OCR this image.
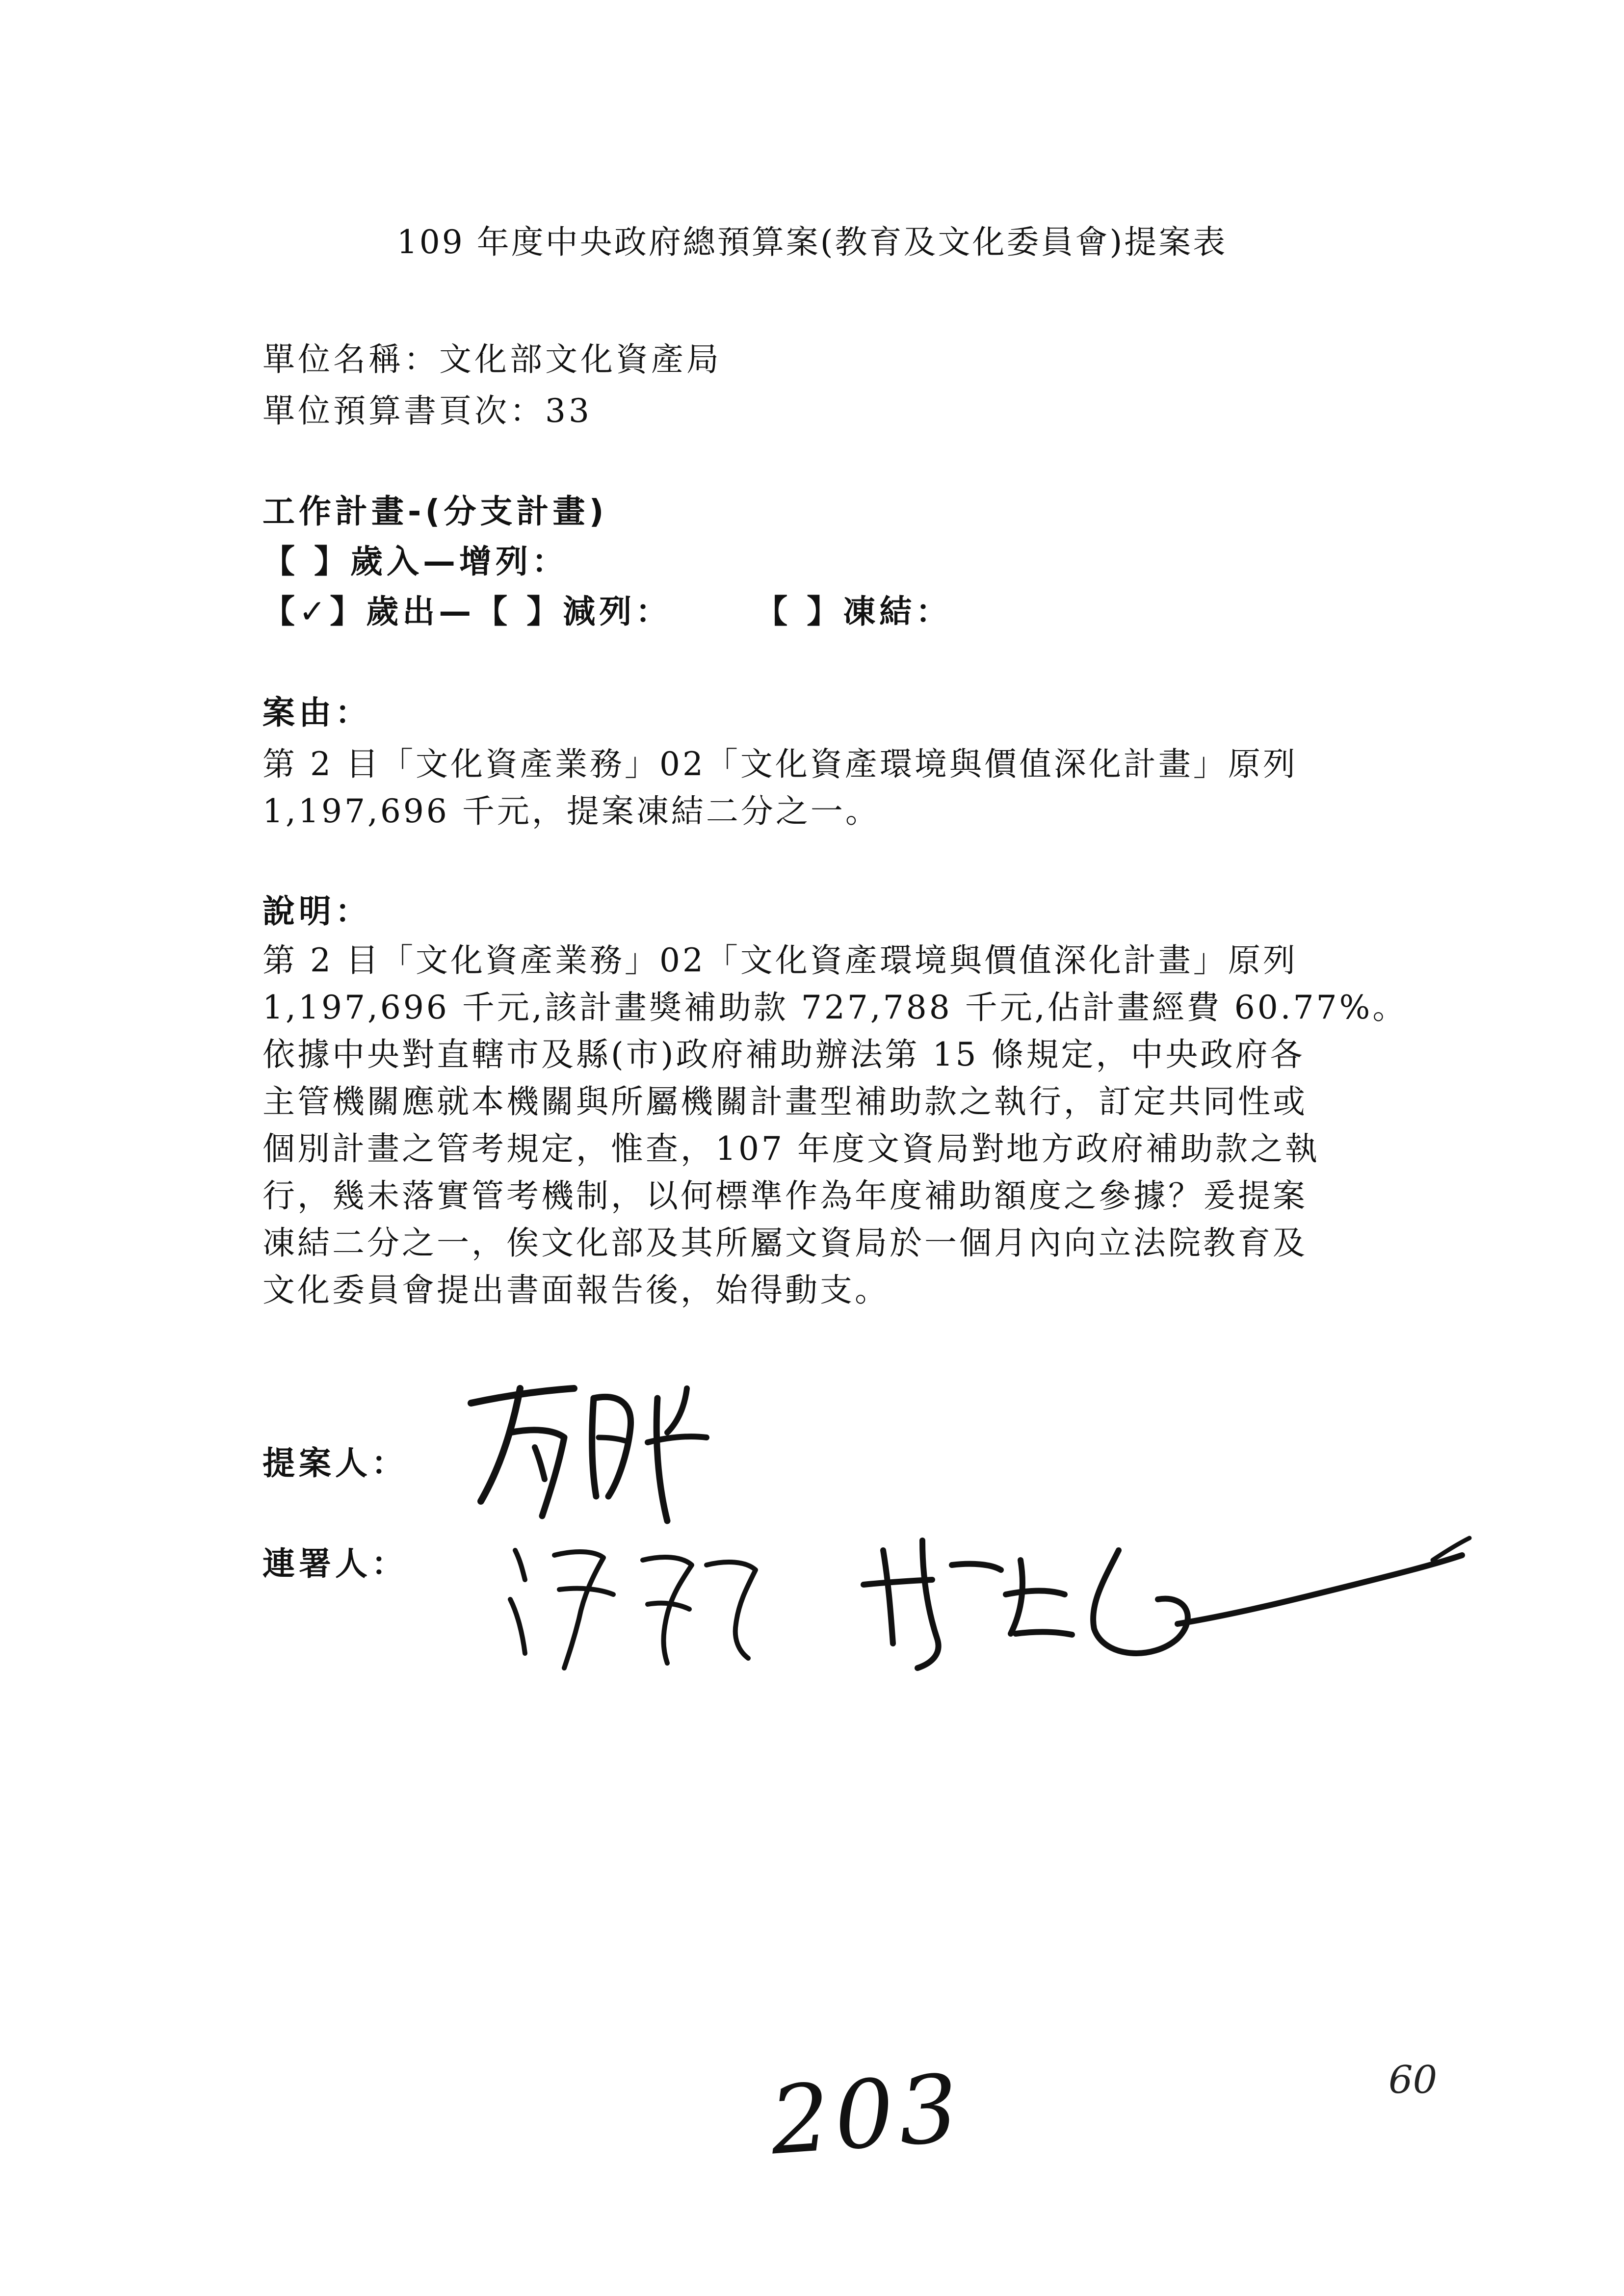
109 年度中央政府總預算案(教育及文化委員會)提案表
單位名稱：文化部文化資產局
單位預算書頁次：33
工作計畫-(分支計畫)
【 】歲入—增列：
【✓】歲出—【 】減列：	【 】凍結：
案由：
第 2 目「文化資產業務」02「文化資產環境與價值深化計畫」原列
1,197,696 千元，提案凍結二分之一。
說明：
第 2 目「文化資產業務」02「文化資產環境與價值深化計畫」原列
1,197,696 千元,該計畫獎補助款 727,788 千元,佔計畫經費 60.77%。
依據中央對直轄市及縣(市)政府補助辦法第 15 條規定，中央政府各
主管機關應就本機關與所屬機關計畫型補助款之執行，訂定共同性或
個別計畫之管考規定，惟查，107 年度文資局對地方政府補助款之執
行，幾未落實管考機制，以何標準作為年度補助額度之參據？爰提案
凍結二分之一，俟文化部及其所屬文資局於一個月內向立法院教育及
文化委員會提出書面報告後，始得動支。
提案人：
連署人：
203	60
